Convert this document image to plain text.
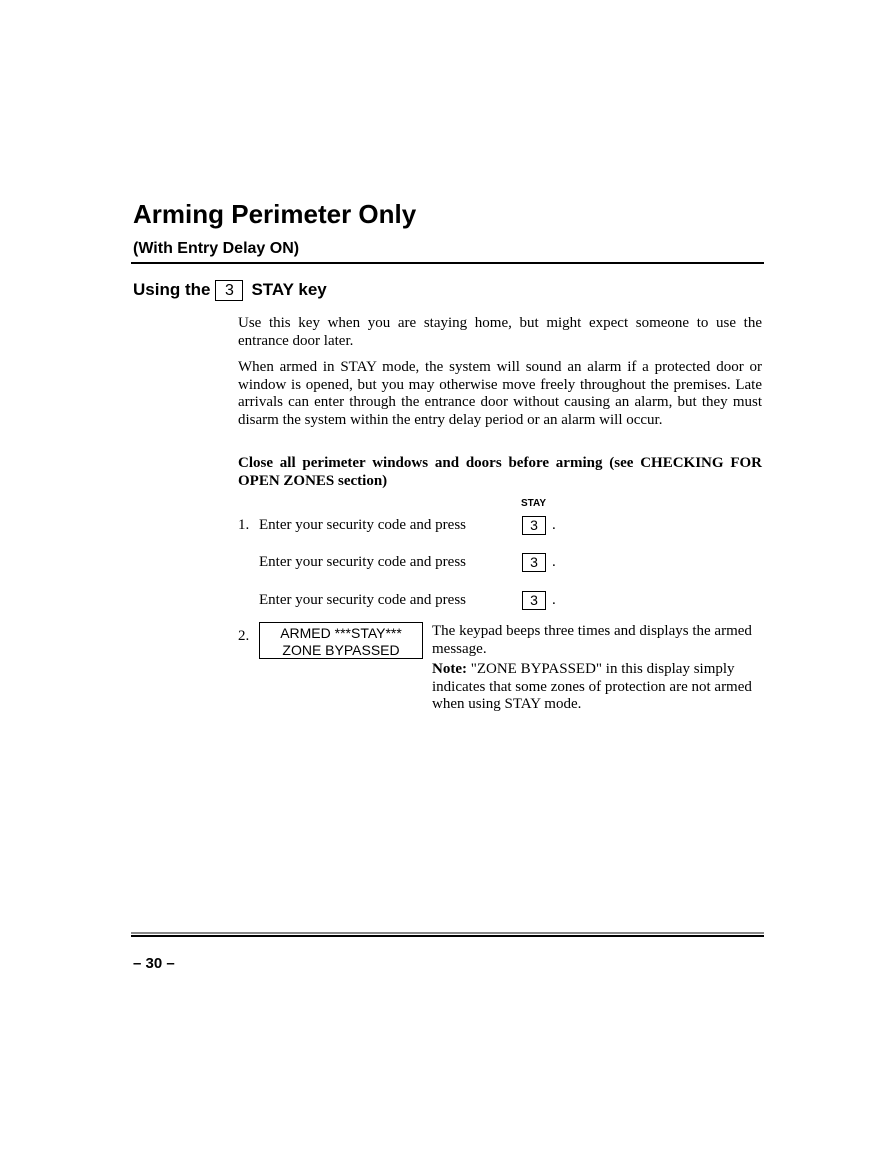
Arming Perimeter Only
(With Entry Delay ON)
Using the 3	STAY key

Use this key when you are staying home, but might expect someone to use the entrance door later.

When armed in STAY mode, the system will sound an alarm if a protected door or window is opened, but you may otherwise move freely throughout the premises. Late arrivals can enter through the entrance door without causing an alarm, but they must disarm the system within the entry delay period or an alarm will occur.

Close all perimeter windows and doors before arming (see CHECKING FOR OPEN ZONES section)

STAY
1. Enter your security code and press	3 .
Enter your security code and press	3 .
Enter your security code and press	3 .
2.	ARMED ***STAY***
ZONE BYPASSED

The keypad beeps three times and displays the armed message.

Note: "ZONE BYPASSED" in this display simply indicates that some zones of protection are not armed when using STAY mode.

– 30 –
